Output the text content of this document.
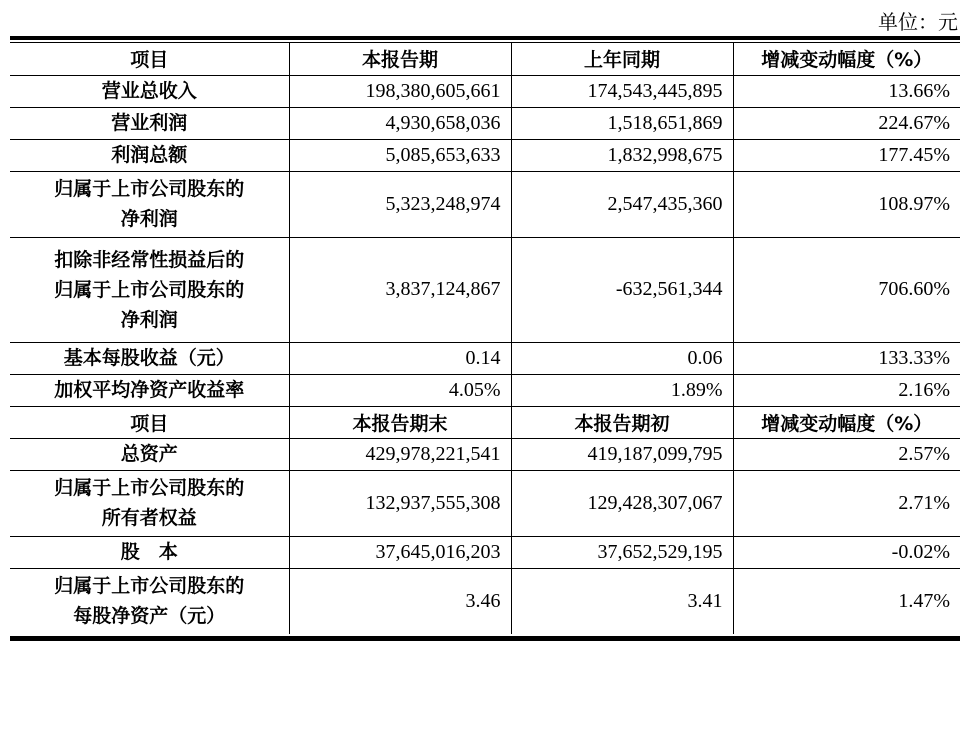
单位：元
项目	本报告期	上年同期	增减变动幅度（%）

营业总收入	198,380,605,661	174,543,445,895	13.66%

营业利润	4,930,658,036	1,518,651,869	224.67%

利润总额	5,085,653,633	1,832,998,675	177.45%

归属于上市公司股东的
净利润	5,323,248,974	2,547,435,360	108.97%

扣除非经常性损益后的
归属于上市公司股东的
净利润	3,837,124,867	-632,561,344	706.60%

基本每股收益（元）	0.14	0.06	133.33%

加权平均净资产收益率	4.05%	1.89%	2.16%
项目	本报告期末	本报告期初	增减变动幅度（%）

总资产	429,978,221,541	419,187,099,795	2.57%

归属于上市公司股东的
所有者权益	132,937,555,308	129,428,307,067	2.71%

股　本	37,645,016,203	37,652,529,195	-0.02%

归属于上市公司股东的
每股净资产（元）	3.46	3.41	1.47%
